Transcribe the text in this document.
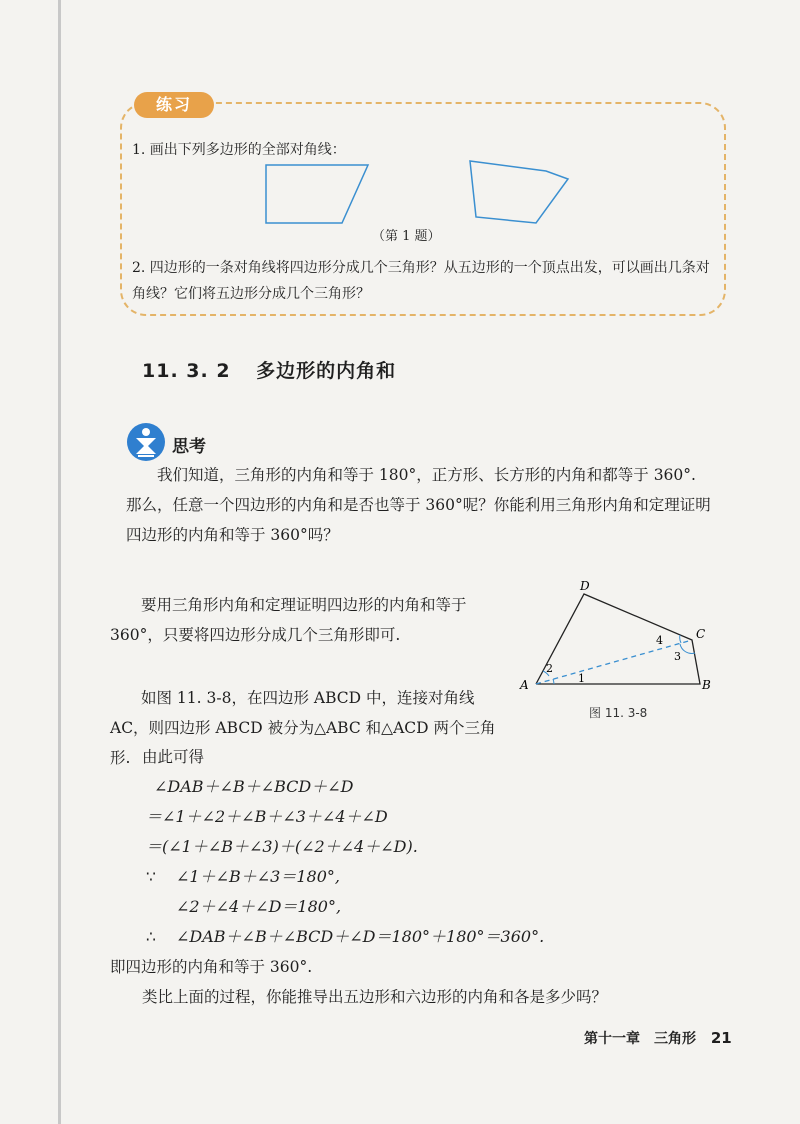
练习
1. 画出下列多边形的全部对角线：
（第 1 题）
2. 四边形的一条对角线将四边形分成几个三角形？从五边形的一个顶点出发，可以画出几条对角线？它们将五边形分成几个三角形？
11. 3. 2 多边形的内角和
思考
我们知道，三角形的内角和等于 180°，正方形、长方形的内角和都等于 360°. 那么，任意一个四边形的内角和是否也等于 360°呢？你能利用三角形内角和定理证明四边形的内角和等于 360°吗？
要用三角形内角和定理证明四边形的内角和等于 360°，只要将四边形分成几个三角形即可.
如图 11. 3-8，在四边形 ABCD 中，连接对角线 AC，则四边形 ABCD 被分为△ABC 和△ACD 两个三角形. 由此可得
∠DAB＋∠B＋∠BCD＋∠D
＝∠1＋∠2＋∠B＋∠3＋∠4＋∠D
＝(∠1＋∠B＋∠3)＋(∠2＋∠4＋∠D).
∵ ∠1＋∠B＋∠3＝180°,
∠2＋∠4＋∠D＝180°,
∴ ∠DAB＋∠B＋∠BCD＋∠D＝180°＋180°＝360°.
即四边形的内角和等于 360°.
类比上面的过程，你能推导出五边形和六边形的内角和各是多少吗？
A	B
C
D
1
2
3
4
图 11. 3-8
第十一章　三角形 21
